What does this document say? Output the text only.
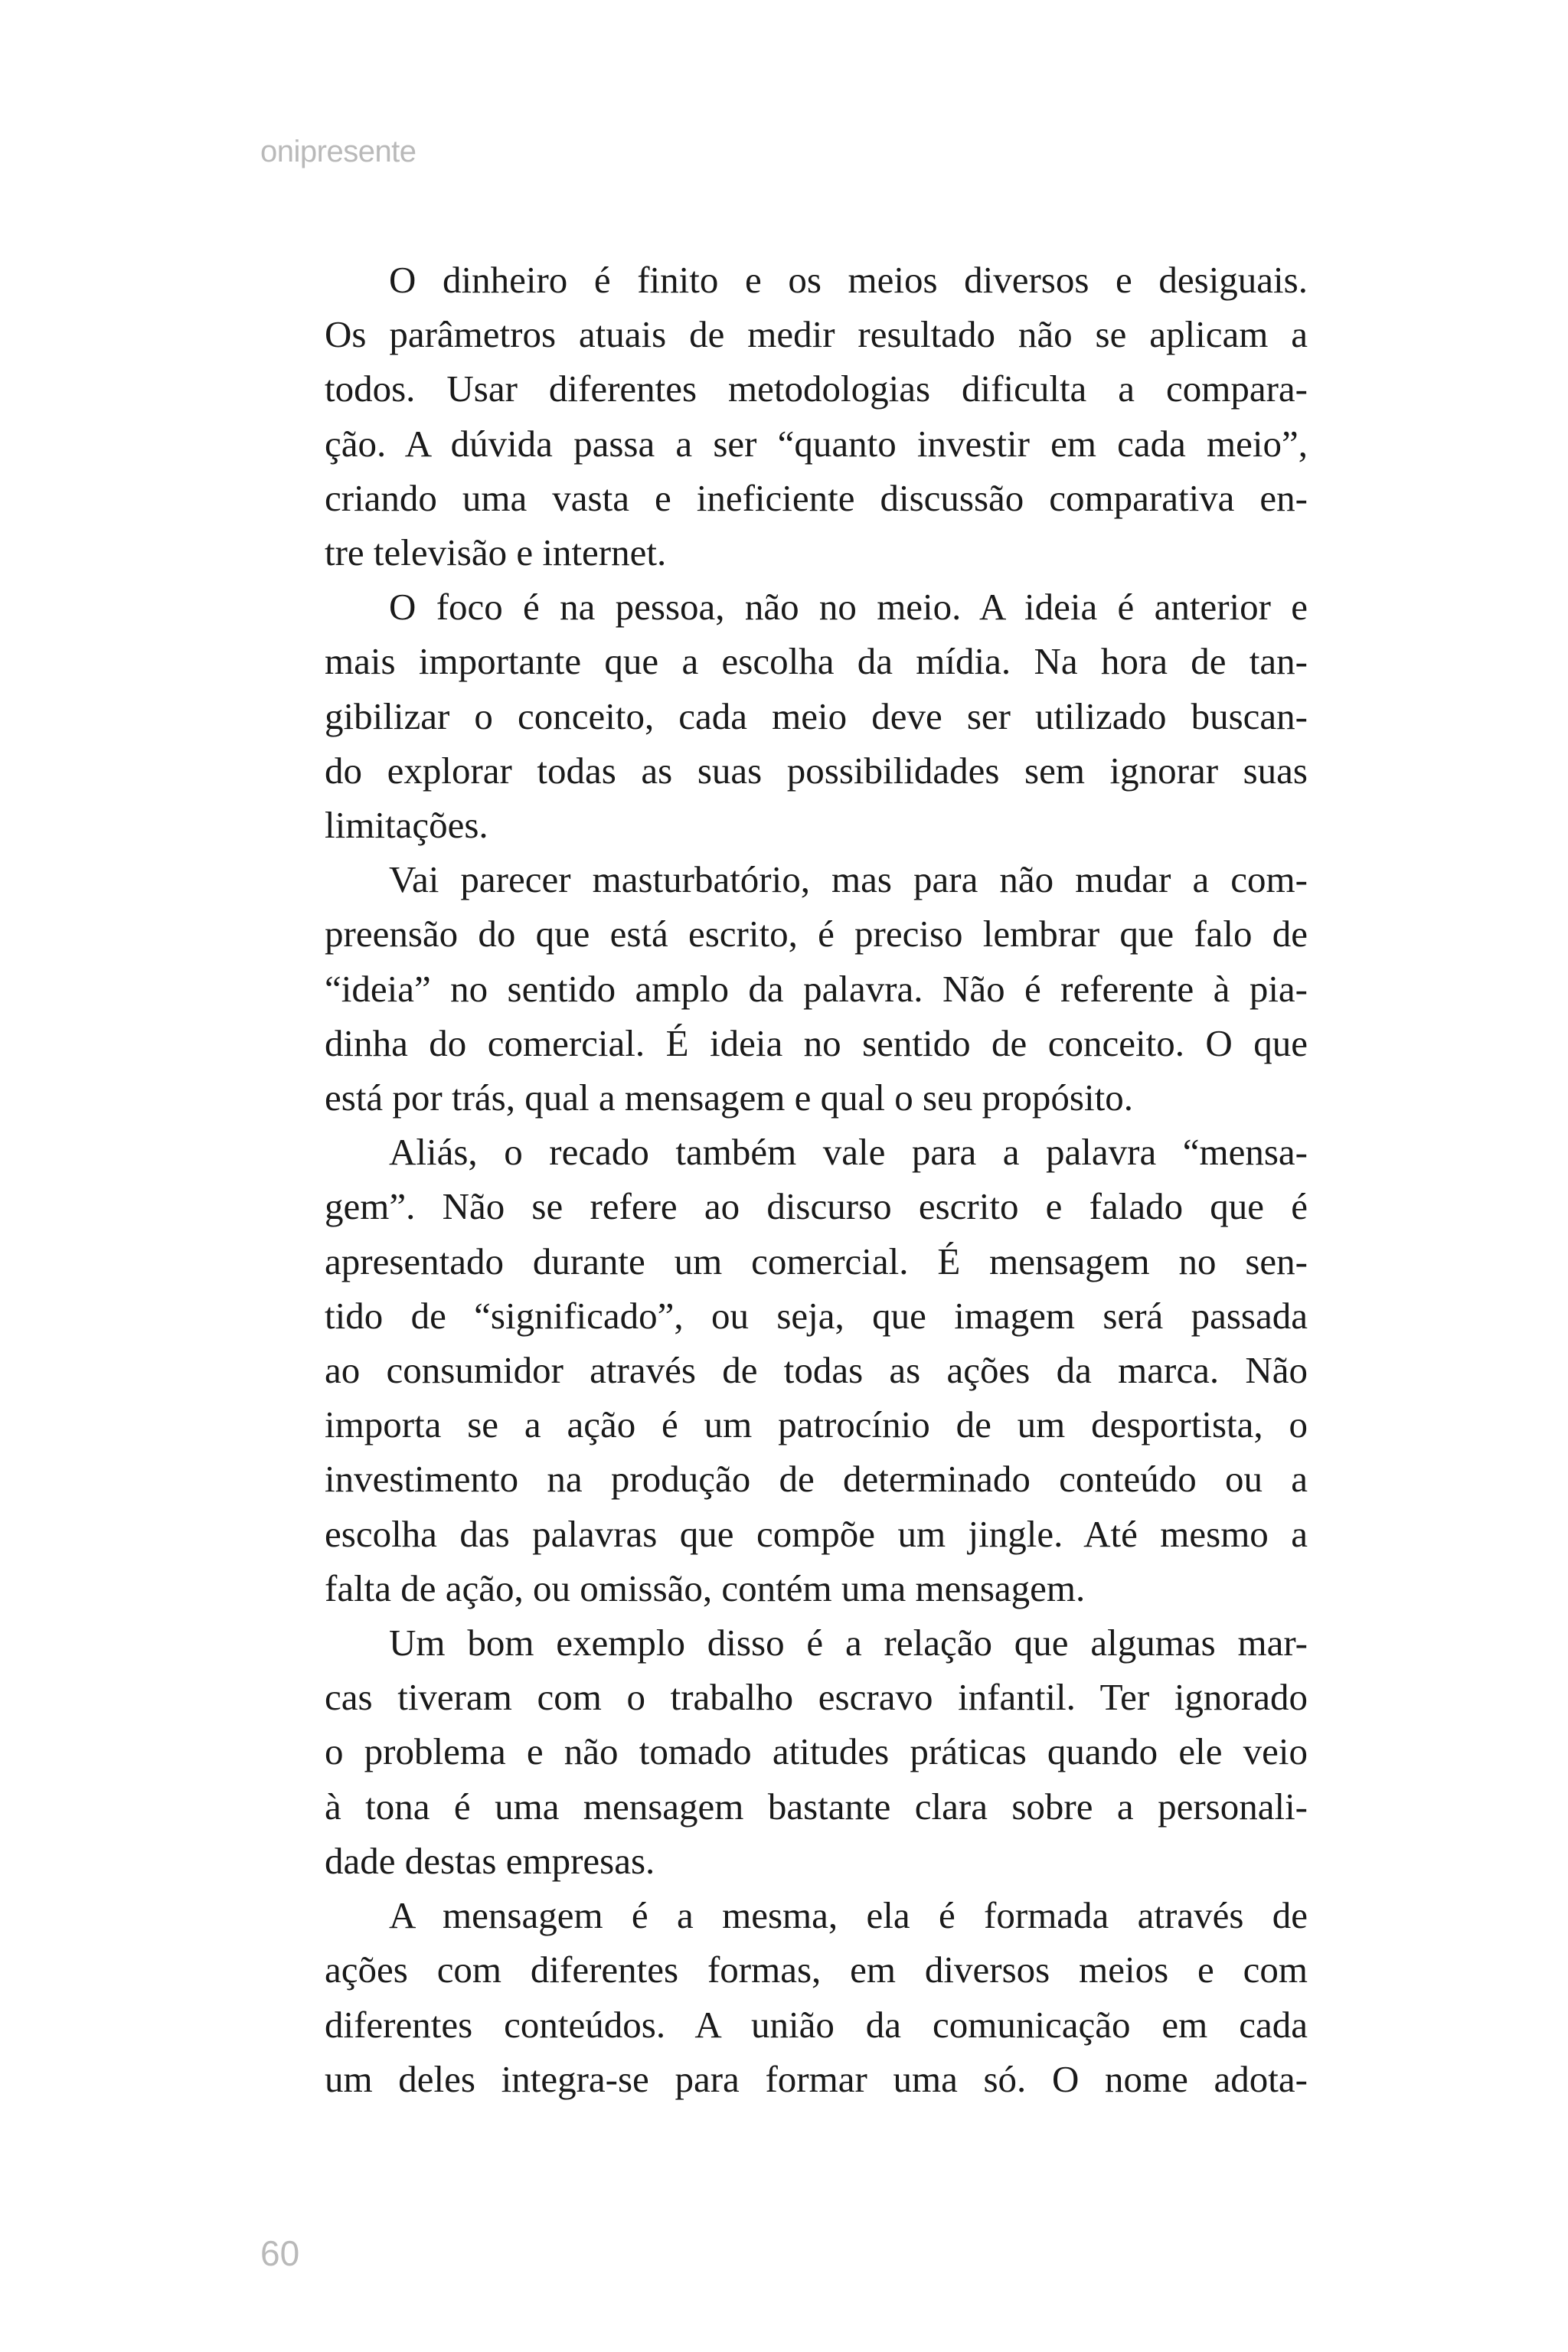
onipresente
O dinheiro é finito e os meios diversos e desiguais.
Os parâmetros atuais de medir resultado não se aplicam a
todos. Usar diferentes metodologias dificulta a compara-
ção. A dúvida passa a ser “quanto investir em cada meio”,
criando uma vasta e ineficiente discussão comparativa en-
tre televisão e internet.
O foco é na pessoa, não no meio. A ideia é anterior e
mais importante que a escolha da mídia. Na hora de tan-
gibilizar o conceito, cada meio deve ser utilizado buscan-
do explorar todas as suas possibilidades sem ignorar suas
limitações.
Vai parecer masturbatório, mas para não mudar a com-
preensão do que está escrito, é preciso lembrar que falo de
“ideia” no sentido amplo da palavra. Não é referente à pia-
dinha do comercial. É ideia no sentido de conceito. O que
está por trás, qual a mensagem e qual o seu propósito.
Aliás, o recado também vale para a palavra “mensa-
gem”. Não se refere ao discurso escrito e falado que é
apresentado durante um comercial. É mensagem no sen-
tido de “significado”, ou seja, que imagem será passada
ao consumidor através de todas as ações da marca. Não
importa se a ação é um patrocínio de um desportista, o
investimento na produção de determinado conteúdo ou a
escolha das palavras que compõe um jingle. Até mesmo a
falta de ação, ou omissão, contém uma mensagem.
Um bom exemplo disso é a relação que algumas mar-
cas tiveram com o trabalho escravo infantil. Ter ignorado
o problema e não tomado atitudes práticas quando ele veio
à tona é uma mensagem bastante clara sobre a personali-
dade destas empresas.
A mensagem é a mesma, ela é formada através de
ações com diferentes formas, em diversos meios e com
diferentes conteúdos. A união da comunicação em cada
um deles integra-se para formar uma só. O nome adota-
60
